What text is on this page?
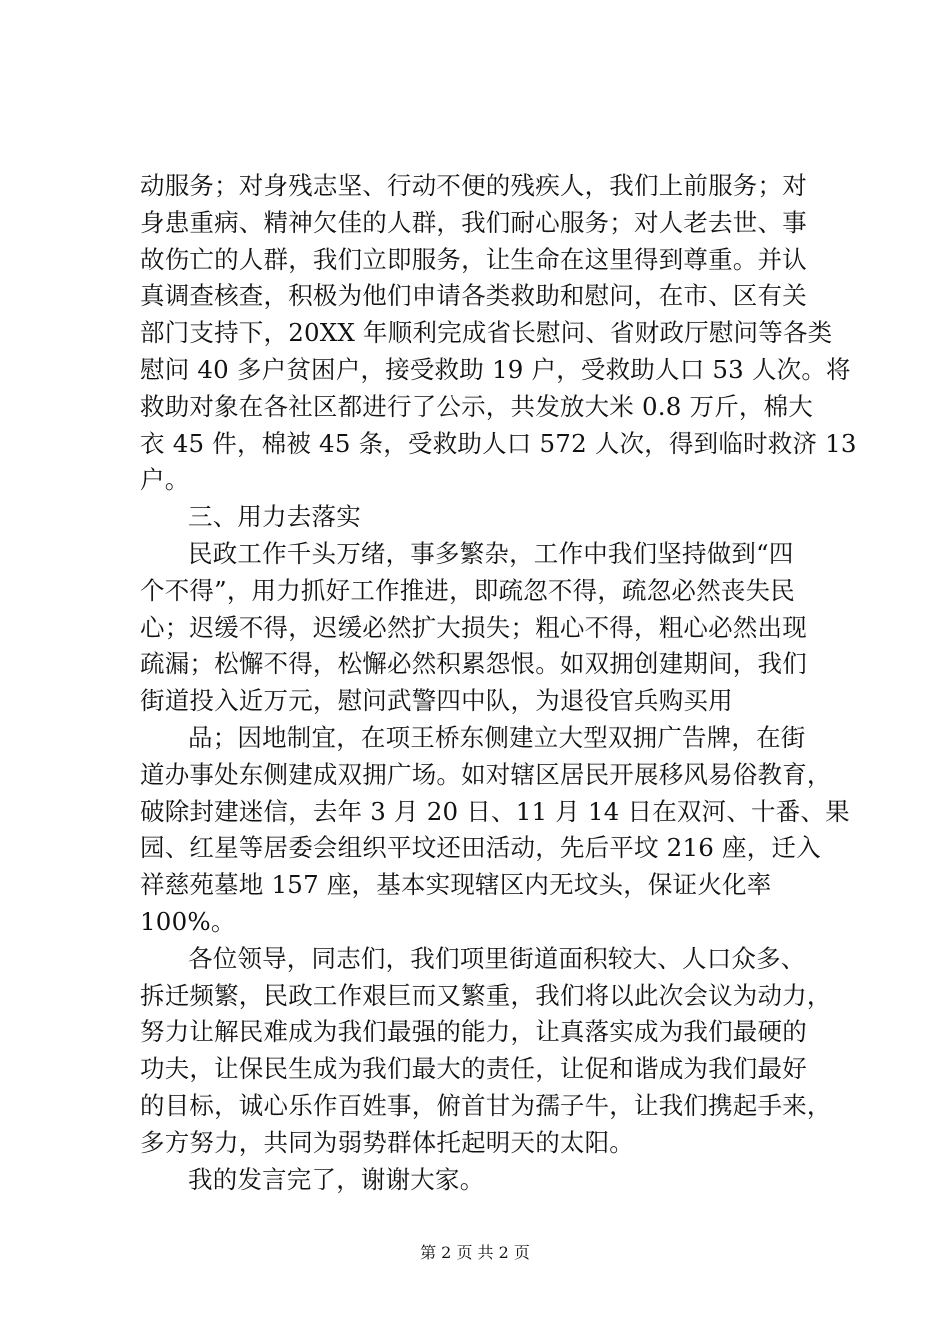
动服务；对身残志坚、行动不便的残疾人，我们上前服务；对
身患重病、精神欠佳的人群，我们耐心服务；对人老去世、事
故伤亡的人群，我们立即服务，让生命在这里得到尊重。并认
真调查核查，积极为他们申请各类救助和慰问，在市、区有关
部门支持下，20XX 年顺利完成省长慰问、省财政厅慰问等各类
慰问 40 多户贫困户，接受救助 19 户，受救助人口 53 人次。将
救助对象在各社区都进行了公示，共发放大米 0.8 万斤，棉大
衣 45 件，棉被 45 条，受救助人口 572 人次，得到临时救济 13
户。
三、用力去落实
民政工作千头万绪，事多繁杂，工作中我们坚持做到“四
个不得”，用力抓好工作推进，即疏忽不得，疏忽必然丧失民
心；迟缓不得，迟缓必然扩大损失；粗心不得，粗心必然出现
疏漏；松懈不得，松懈必然积累怨恨。如双拥创建期间，我们
街道投入近万元，慰问武警四中队，为退役官兵购买用
品；因地制宜，在项王桥东侧建立大型双拥广告牌，在街
道办事处东侧建成双拥广场。如对辖区居民开展移风易俗教育，
破除封建迷信，去年 3 月 20 日、11 月 14 日在双河、十番、果
园、红星等居委会组织平坟还田活动，先后平坟 216 座，迁入
祥慈苑墓地 157 座，基本实现辖区内无坟头，保证火化率
100%。
各位领导，同志们，我们项里街道面积较大、人口众多、
拆迁频繁，民政工作艰巨而又繁重，我们将以此次会议为动力，
努力让解民难成为我们最强的能力，让真落实成为我们最硬的
功夫，让保民生成为我们最大的责任，让促和谐成为我们最好
的目标，诚心乐作百姓事，俯首甘为孺子牛，让我们携起手来，
多方努力，共同为弱势群体托起明天的太阳。
我的发言完了，谢谢大家。
第 2 页 共 2 页
